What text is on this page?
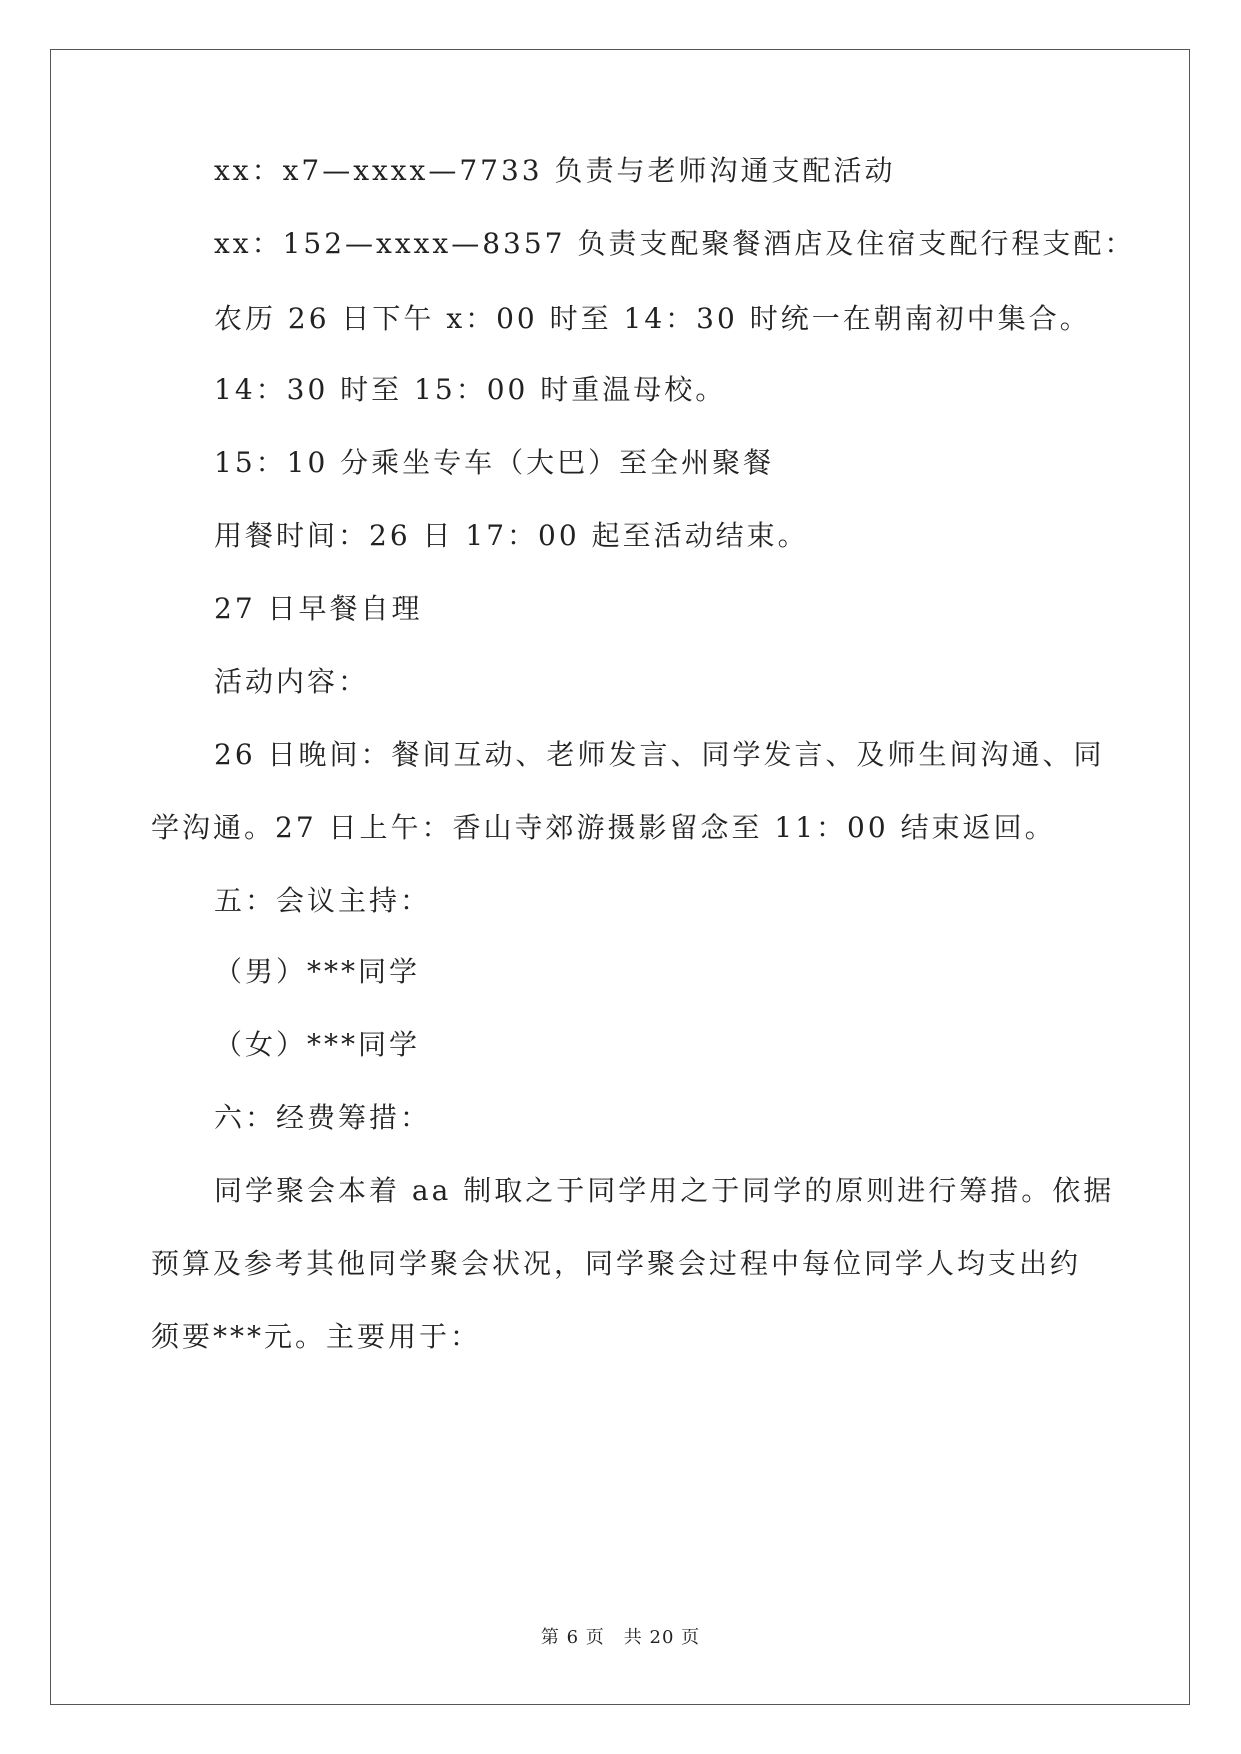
xx：x7—xxxx—7733 负责与老师沟通支配活动
xx：152—xxxx—8357 负责支配聚餐酒店及住宿支配行程支配：
农历 26 日下午 x：00 时至 14：30 时统一在朝南初中集合。
14：30 时至 15：00 时重温母校。
15：10 分乘坐专车（大巴）至全州聚餐
用餐时间：26 日 17：00 起至活动结束。
27 日早餐自理
活动内容：
26 日晚间：餐间互动、老师发言、同学发言、及师生间沟通、同
学沟通。27 日上午：香山寺郊游摄影留念至 11：00 结束返回。
五：会议主持：
（男）***同学
（女）***同学
六：经费筹措：
同学聚会本着 aa 制取之于同学用之于同学的原则进行筹措。依据
预算及参考其他同学聚会状况，同学聚会过程中每位同学人均支出约
须要***元。主要用于：
第 6 页　共 20 页
